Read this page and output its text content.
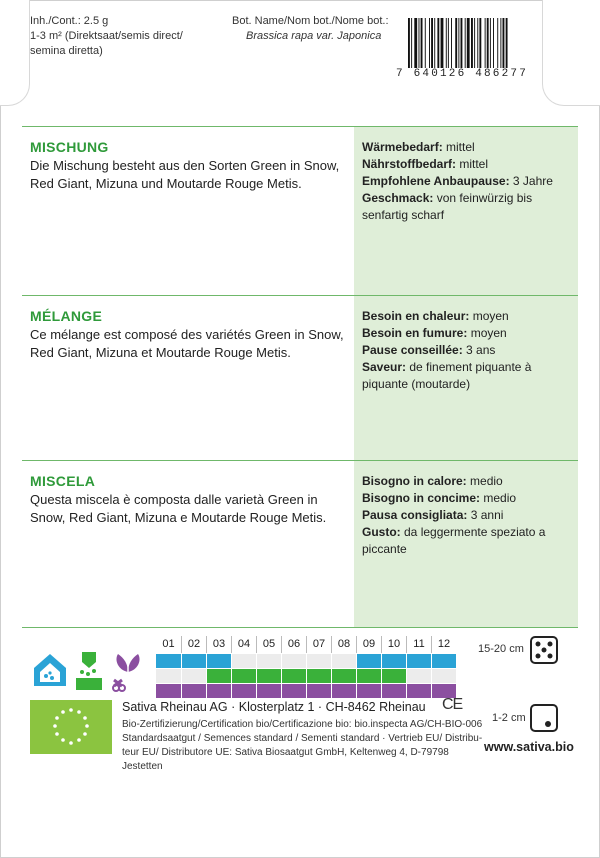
Inh./Cont.: 2.5 g
1-3 m² (Direktsaat/semis direct/
semina diretta)
Bot. Name/Nom bot./Nome bot.:
Brassica rapa var. Japonica
7 640126 486277
MISCHUNG
Die Mischung besteht aus den Sorten Green in Snow, Red Giant, Mizuna und Moutarde Rouge Metis.
Wärmebedarf: mittel
Nährstoffbedarf: mittel
Empfohlene Anbaupause: 3 Jahre
Geschmack: von feinwürzig bis senfartig scharf
MÉLANGE
Ce mélange est composé des variétés Green in Snow, Red Giant, Mizuna et Moutarde Rouge Metis.
Besoin en chaleur: moyen
Besoin en fumure: moyen
Pause conseillée: 3 ans
Saveur: de finement piquante à piquante (moutarde)
MISCELA
Questa miscela è composta dalle varietà Green in Snow, Red Giant, Mizuna e Moutarde Rouge Metis.
Bisogno in calore: medio
Bisogno in concime: medio
Pausa consigliata: 3 anni
Gusto: da leggermente speziato a piccante
01	02	03	04	05	06	07	08	09	10	11	12	15-20 cm
1-2 cm
Sativa Rheinau AG · Klosterplatz 1 · CH-8462 Rheinau CE
Bio-Zertifizierung/Certification bio/Certificazione bio: bio.inspecta AG/CH-BIO-006
Standardsaatgut / Semences standard / Sementi standard · Vertrieb EU/ Distribu-
teur EU/ Distributore UE: Sativa Biosaatgut GmbH, Keltenweg 4, D-79798 Jestetten
www.sativa.bio
